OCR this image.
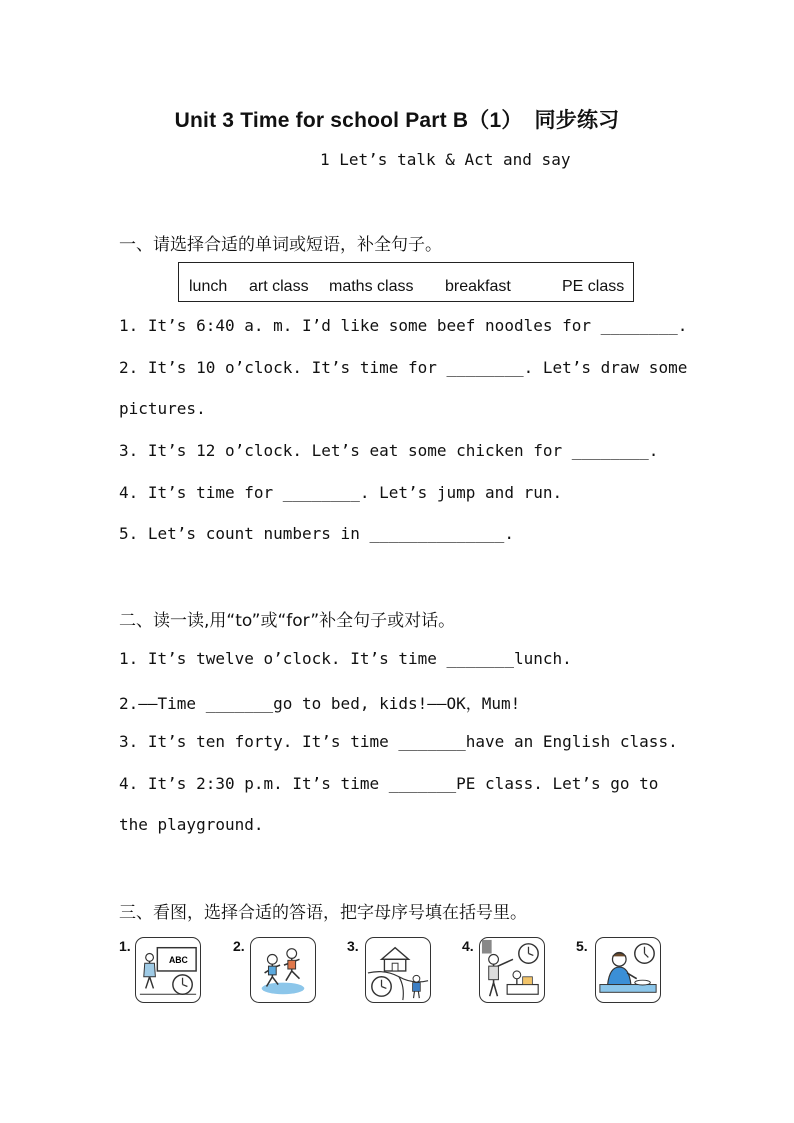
Unit 3 Time for school Part B（1） 同步练习
1 Let’s talk & Act and say
一、请选择合适的单词或短语，补全句子。
lunch art class maths class breakfast	PE class
1. It’s 6:40 a. m. I’d like some beef noodles for ________.
2. It’s 10 o’clock. It’s time for ________. Let’s draw some
pictures.
3. It’s 12 o’clock. Let’s eat some chicken for ________.
4. It’s time for ________. Let’s jump and run.
5. Let’s count numbers in ______________.
二、读一读,用“to”或“for”补全句子或对话。
1. It’s twelve o’clock. It’s time _______lunch.
2.——Time _______go to bed, kids!——OK，Mum!
3. It’s ten forty. It’s time _______have an English class.
4. It’s 2:30 p.m. It’s time _______PE class. Let’s go to
the playground.
三、看图，选择合适的答语，把字母序号填在括号里。
1.
ABC
2.	3.	4.	5.
